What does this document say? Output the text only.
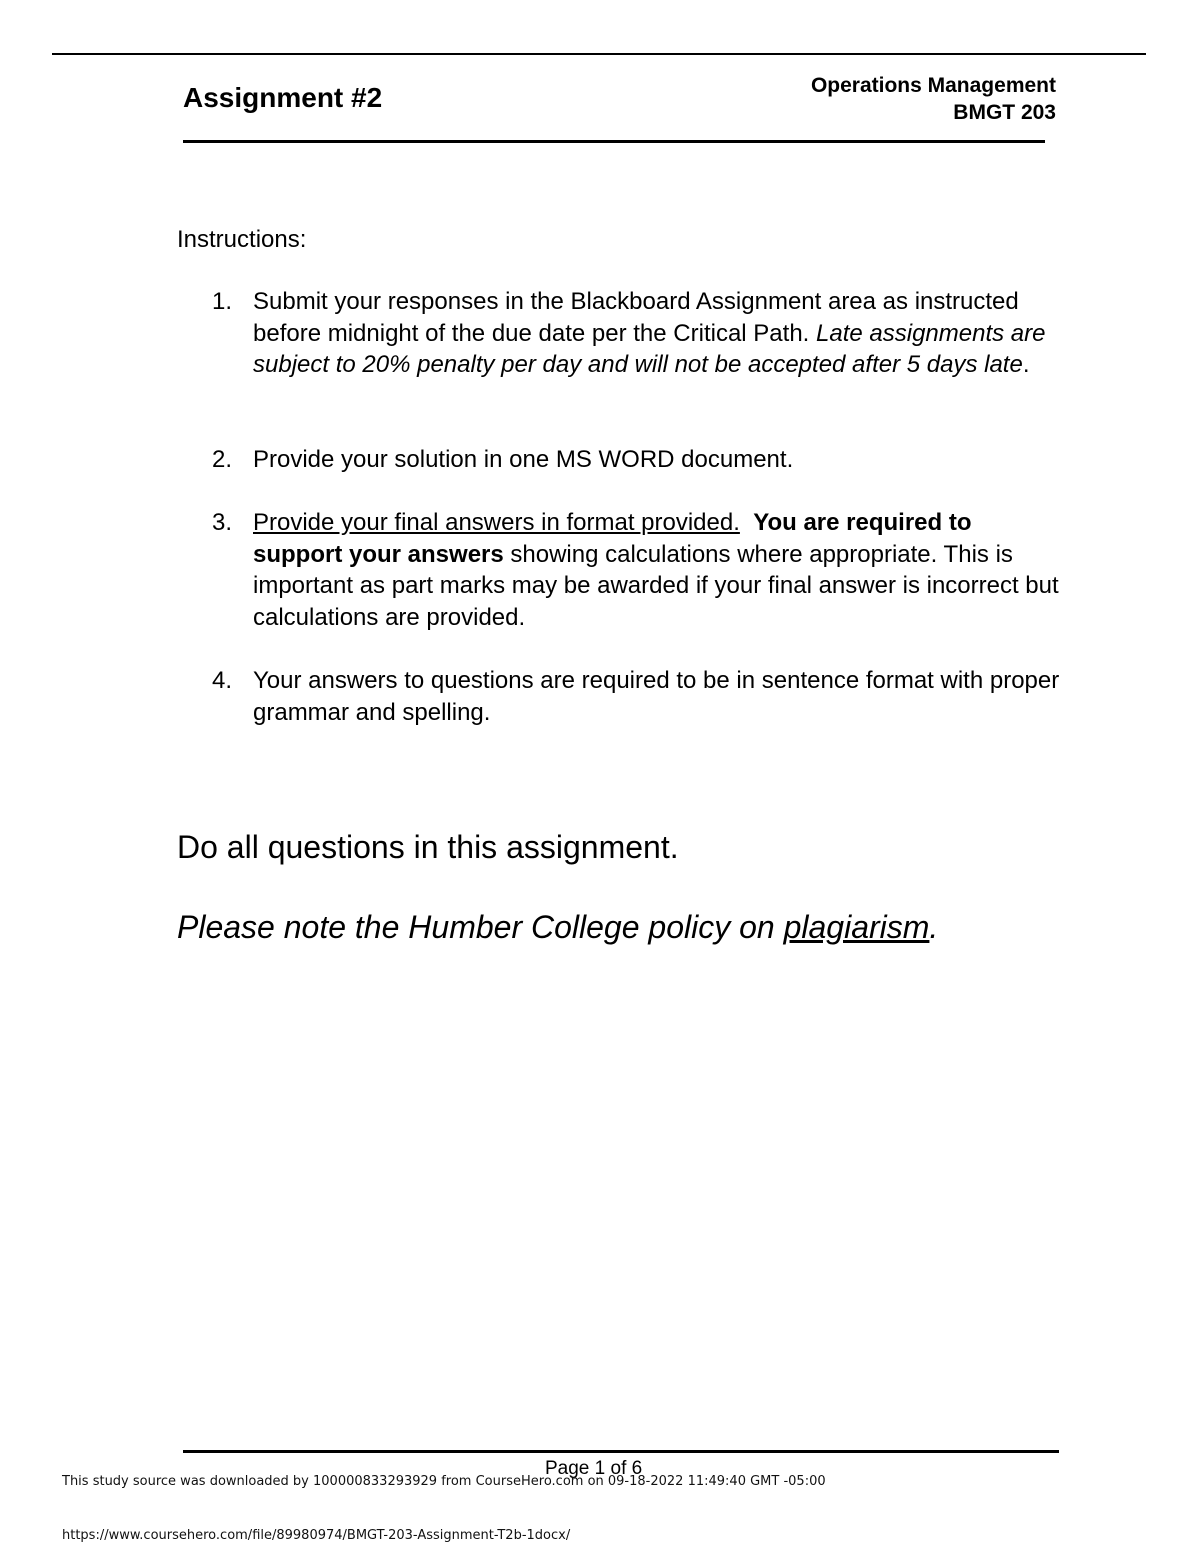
Assignment #2	Operations Management
BMGT 203
Instructions:
1. Submit your responses in the Blackboard Assignment area as instructed before midnight of the due date per the Critical Path. Late assignments are subject to 20% penalty per day and will not be accepted after 5 days late.
2. Provide your solution in one MS WORD document.
3. Provide your final answers in format provided. You are required to support your answers showing calculations where appropriate. This is important as part marks may be awarded if your final answer is incorrect but calculations are provided.
4. Your answers to questions are required to be in sentence format with proper grammar and spelling.
Do all questions in this assignment.
Please note the Humber College policy on plagiarism.
Page 1 of 6
This study source was downloaded by 100000833293929 from CourseHero.com on 09-18-2022 11:49:40 GMT -05:00
https://www.coursehero.com/file/89980974/BMGT-203-Assignment-T2b-1docx/
